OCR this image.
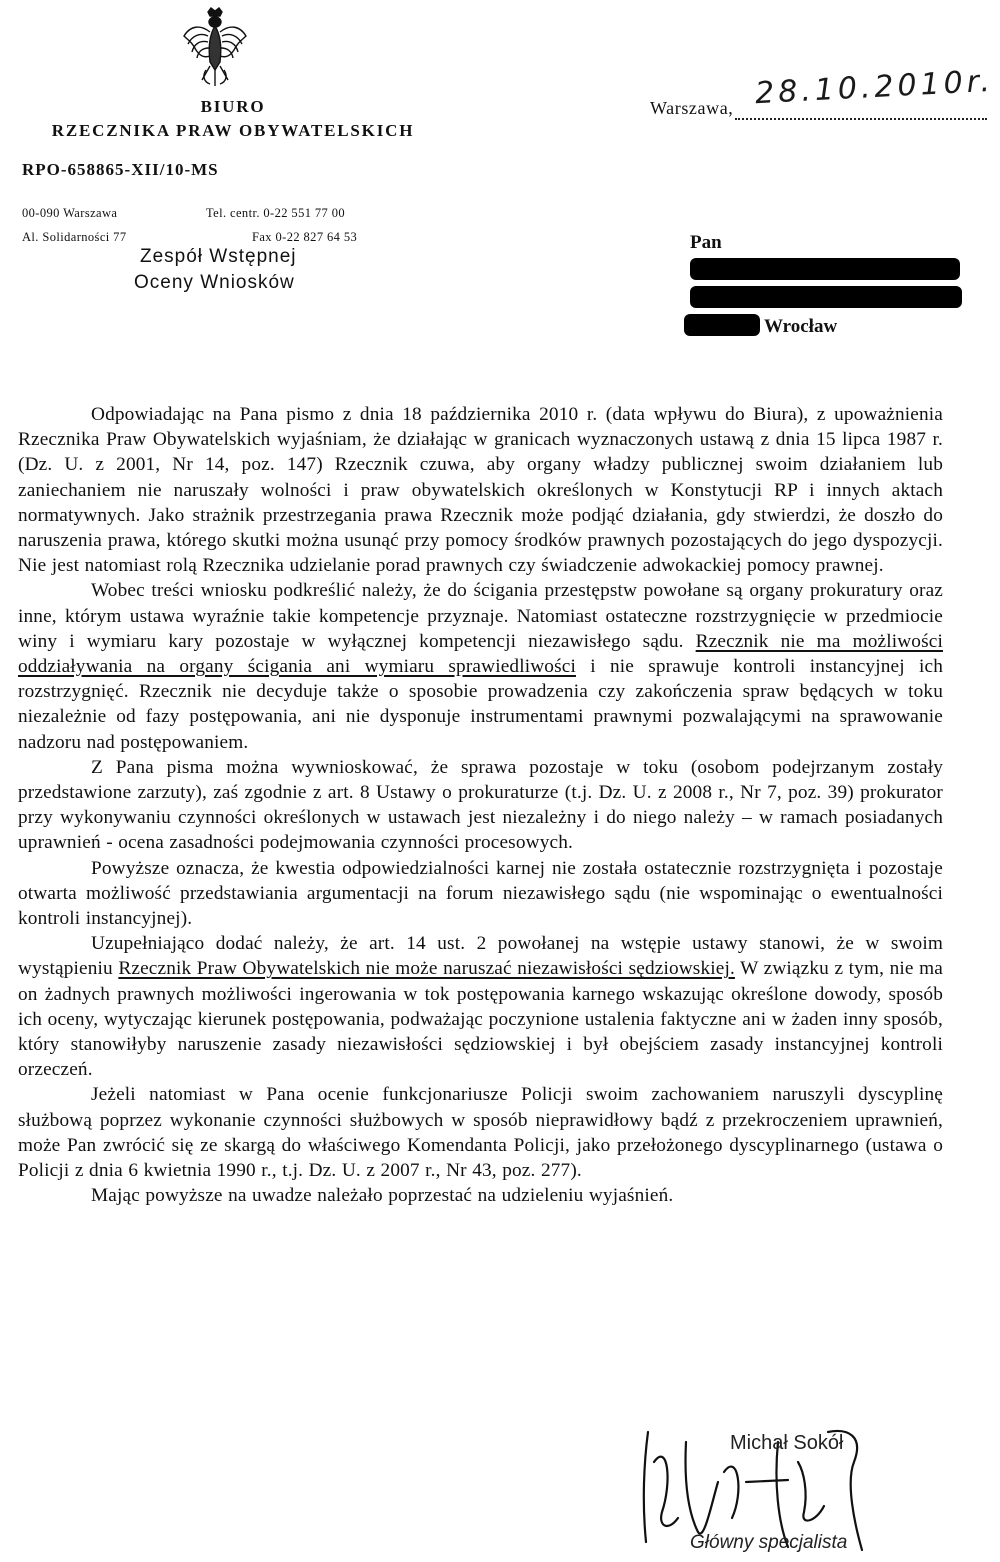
BIURO
RZECZNIKA PRAW OBYWATELSKICH
RPO-658865-XII/10-MS
00-090 Warszawa
Al. Solidarności 77
Tel. centr. 0-22 551 77 00
Fax 0-22 827 64 53
Zespół Wstępnej
Oceny Wniosków
Warszawa, 28.10.2010r.
Pan
Wrocław

Odpowiadając na Pana pismo z dnia 18 października 2010 r. (data wpływu do Biura), z upoważnienia Rzecznika Praw Obywatelskich wyjaśniam, że działając w granicach wyznaczonych ustawą z dnia 15 lipca 1987 r. (Dz. U. z 2001, Nr 14, poz. 147) Rzecznik czuwa, aby organy władzy publicznej swoim działaniem lub zaniechaniem nie naruszały wolności i praw obywatelskich określonych w Konstytucji RP i innych aktach normatywnych. Jako strażnik przestrzegania prawa Rzecznik może podjąć działania, gdy stwierdzi, że doszło do naruszenia prawa, którego skutki można usunąć przy pomocy środków prawnych pozostających do jego dyspozycji. Nie jest natomiast rolą Rzecznika udzielanie porad prawnych czy świadczenie adwokackiej pomocy prawnej.

Wobec treści wniosku podkreślić należy, że do ścigania przestępstw powołane są organy prokuratury oraz inne, którym ustawa wyraźnie takie kompetencje przyznaje. Natomiast ostateczne rozstrzygnięcie w przedmiocie winy i wymiaru kary pozostaje w wyłącznej kompetencji niezawisłego sądu. Rzecznik nie ma możliwości oddziaływania na organy ścigania ani wymiaru sprawiedliwości i nie sprawuje kontroli instancyjnej ich rozstrzygnięć. Rzecznik nie decyduje także o sposobie prowadzenia czy zakończenia spraw będących w toku niezależnie od fazy postępowania, ani nie dysponuje instrumentami prawnymi pozwalającymi na sprawowanie nadzoru nad postępowaniem.

Z Pana pisma można wywnioskować, że sprawa pozostaje w toku (osobom podejrzanym zostały przedstawione zarzuty), zaś zgodnie z art. 8 Ustawy o prokuraturze (t.j. Dz. U. z 2008 r., Nr 7, poz. 39) prokurator przy wykonywaniu czynności określonych w ustawach jest niezależny i do niego należy – w ramach posiadanych uprawnień - ocena zasadności podejmowania czynności procesowych.

Powyższe oznacza, że kwestia odpowiedzialności karnej nie została ostatecznie rozstrzygnięta i pozostaje otwarta możliwość przedstawiania argumentacji na forum niezawisłego sądu (nie wspominając o ewentualności kontroli instancyjnej).

Uzupełniająco dodać należy, że art. 14 ust. 2 powołanej na wstępie ustawy stanowi, że w swoim wystąpieniu Rzecznik Praw Obywatelskich nie może naruszać niezawisłości sędziowskiej. W związku z tym, nie ma on żadnych prawnych możliwości ingerowania w tok postępowania karnego wskazując określone dowody, sposób ich oceny, wytyczając kierunek postępowania, podważając poczynione ustalenia faktyczne ani w żaden inny sposób, który stanowiłyby naruszenie zasady niezawisłości sędziowskiej i był obejściem zasady instancyjnej kontroli orzeczeń.

Jeżeli natomiast w Pana ocenie funkcjonariusze Policji swoim zachowaniem naruszyli dyscyplinę służbową poprzez wykonanie czynności służbowych w sposób nieprawidłowy bądź z przekroczeniem uprawnień, może Pan zwrócić się ze skargą do właściwego Komendanta Policji, jako przełożonego dyscyplinarnego (ustawa o Policji z dnia 6 kwietnia 1990 r., t.j. Dz. U. z 2007 r., Nr 43, poz. 277).

Mając powyższe na uwadze należało poprzestać na udzieleniu wyjaśnień.

Michał Sokół
Główny specjalista
